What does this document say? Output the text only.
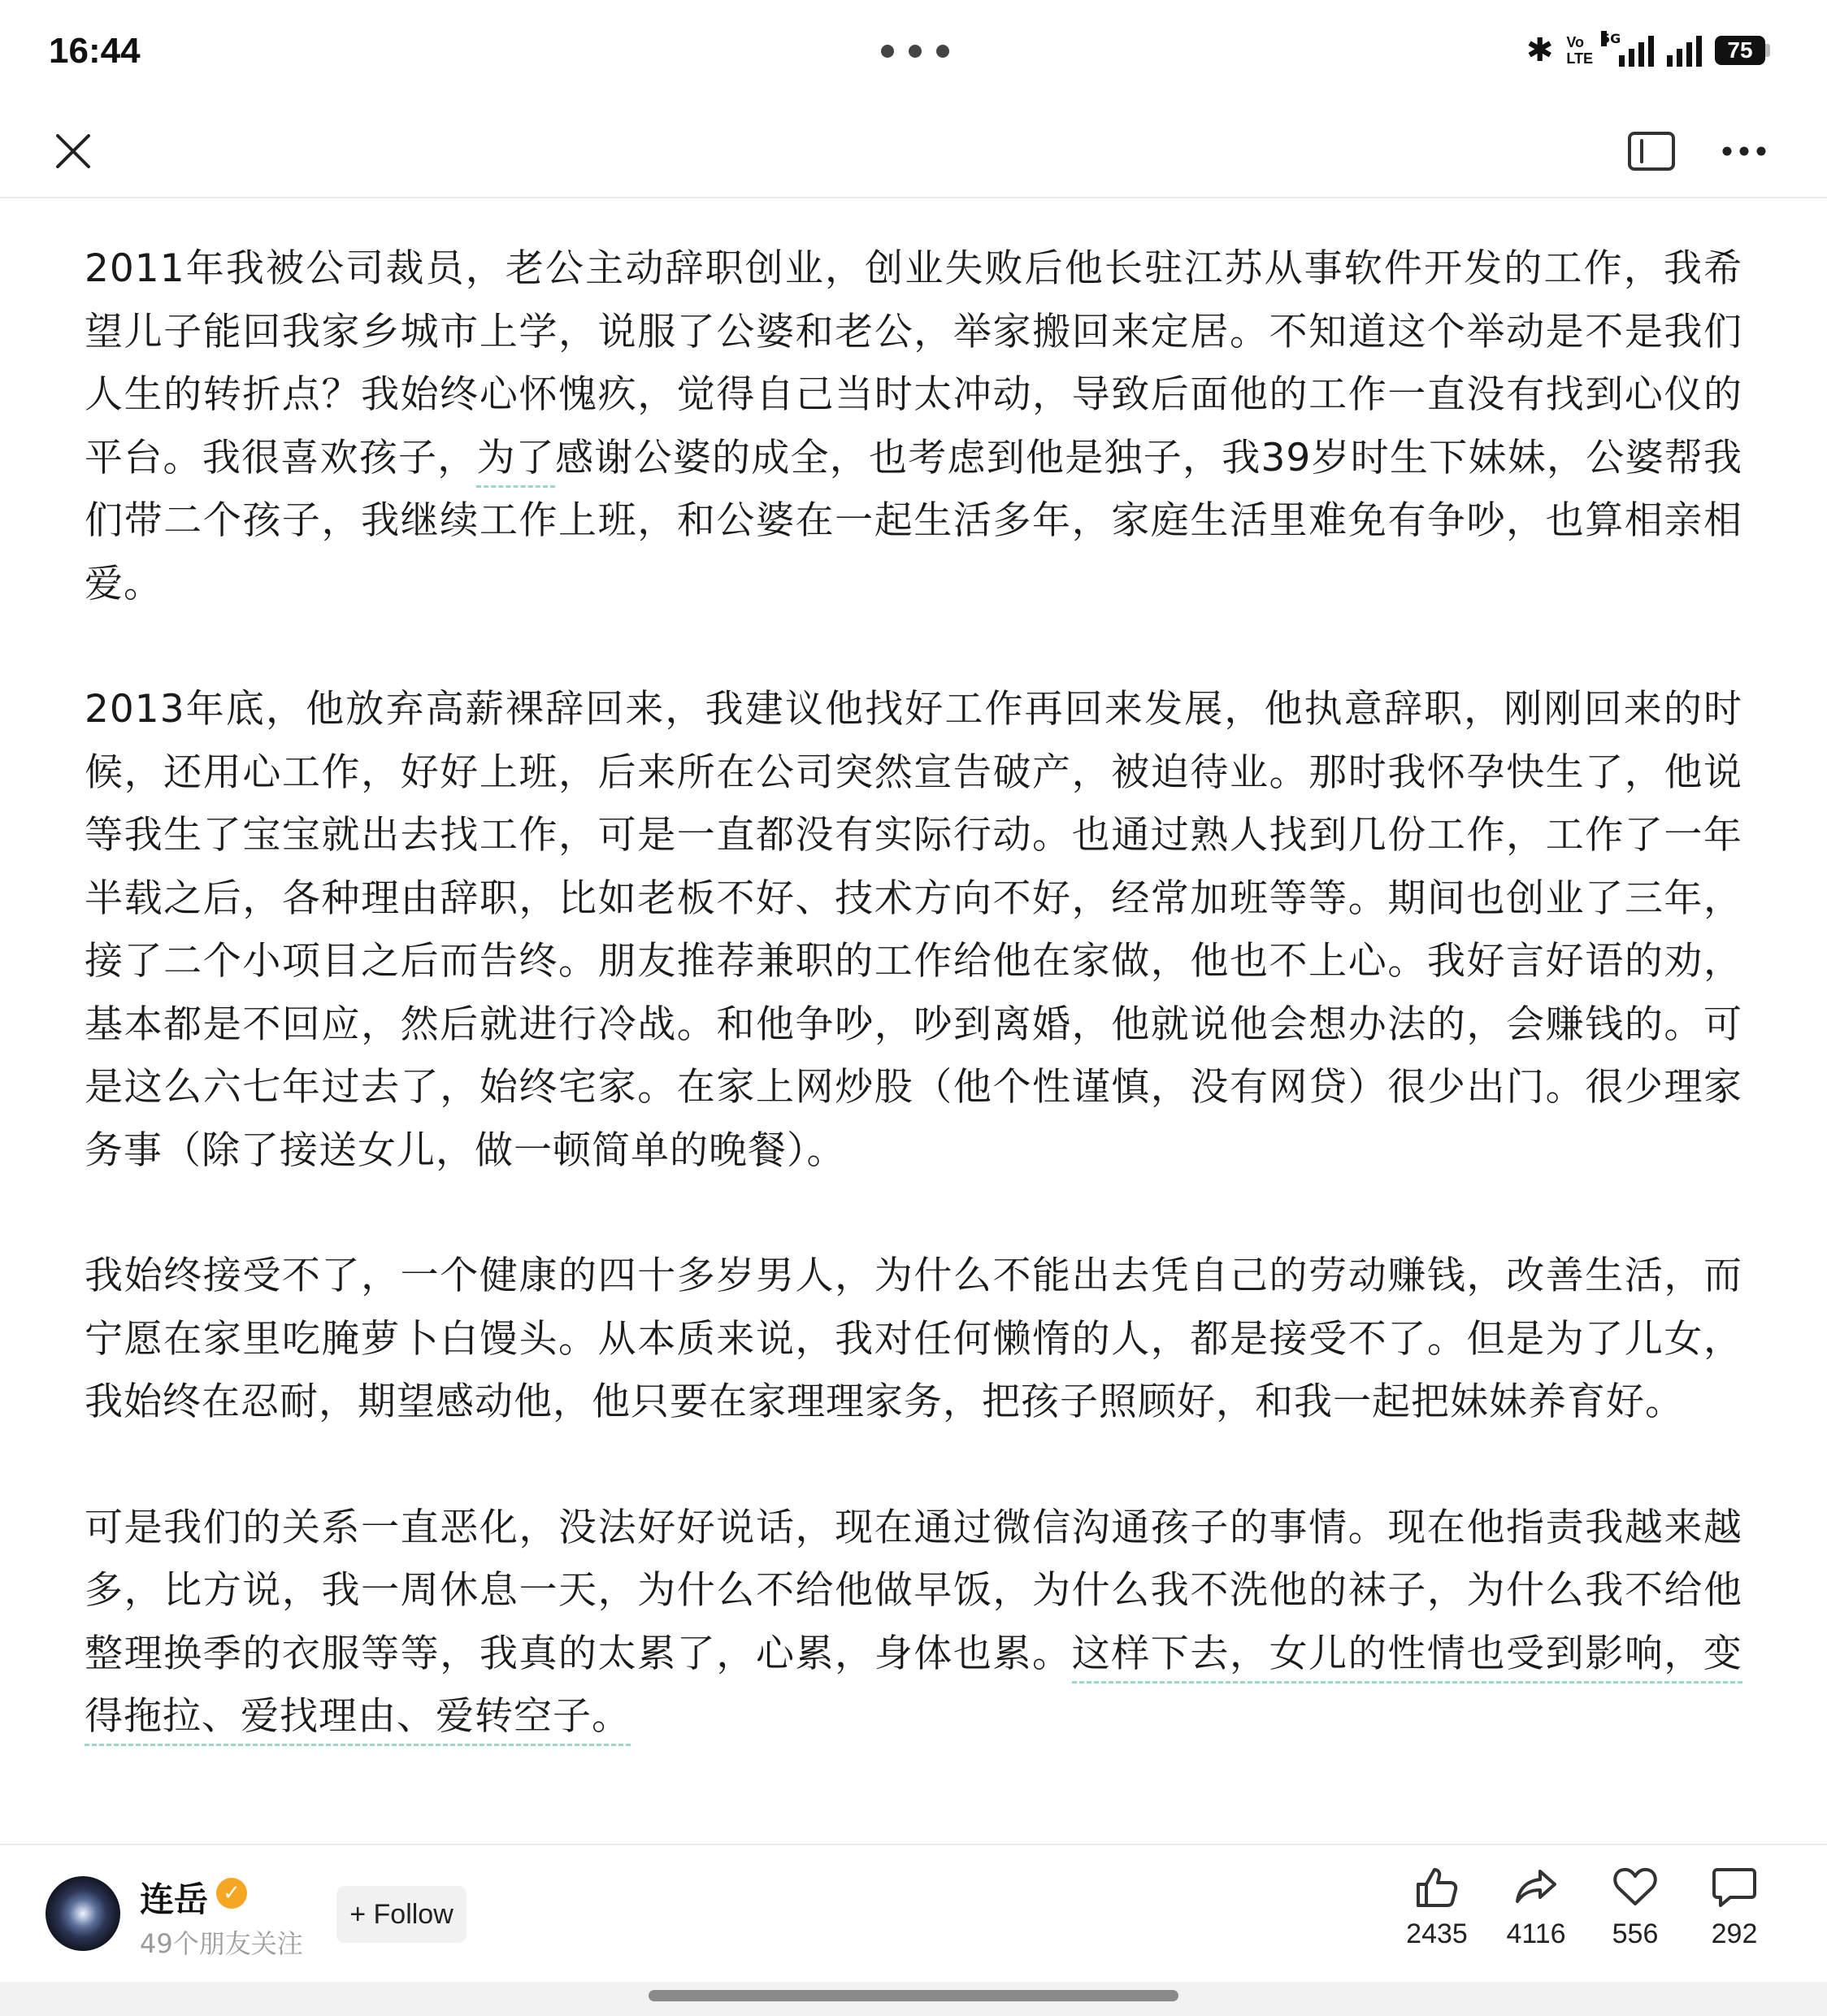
16:44	✱ Vo
LTE
5G	75

2011年我被公司裁员，老公主动辞职创业，创业失败后他长驻江苏从事软件开发的工作，我希望儿子能回我家乡城市上学，说服了公婆和老公，举家搬回来定居。不知道这个举动是不是我们人生的转折点？我始终心怀愧疚，觉得自己当时太冲动，导致后面他的工作一直没有找到心仪的平台。我很喜欢孩子，为了感谢公婆的成全，也考虑到他是独子，我39岁时生下妹妹，公婆帮我们带二个孩子，我继续工作上班，和公婆在一起生活多年，家庭生活里难免有争吵，也算相亲相爱。

2013年底，他放弃高薪裸辞回来，我建议他找好工作再回来发展，他执意辞职，刚刚回来的时候，还用心工作，好好上班，后来所在公司突然宣告破产，被迫待业。那时我怀孕快生了，他说等我生了宝宝就出去找工作，可是一直都没有实际行动。也通过熟人找到几份工作，工作了一年半载之后，各种理由辞职，比如老板不好、技术方向不好，经常加班等等。期间也创业了三年，接了二个小项目之后而告终。朋友推荐兼职的工作给他在家做，他也不上心。我好言好语的劝，基本都是不回应，然后就进行冷战。和他争吵，吵到离婚，他就说他会想办法的，会赚钱的。可是这么六七年过去了，始终宅家。在家上网炒股（他个性谨慎，没有网贷）很少出门。很少理家务事（除了接送女儿，做一顿简单的晚餐）。

我始终接受不了，一个健康的四十多岁男人，为什么不能出去凭自己的劳动赚钱，改善生活，而宁愿在家里吃腌萝卜白馒头。从本质来说，我对任何懒惰的人，都是接受不了。但是为了儿女，我始终在忍耐，期望感动他，他只要在家理理家务，把孩子照顾好，和我一起把妹妹养育好。

可是我们的关系一直恶化，没法好好说话，现在通过微信沟通孩子的事情。现在他指责我越来越多，比方说，我一周休息一天，为什么不给他做早饭，为什么我不洗他的袜子，为什么我不给他整理换季的衣服等等，我真的太累了，心累，身体也累。这样下去，女儿的性情也受到影响，变得拖拉、爱找理由、爱转空子。

连岳 ✓
49个朋友关注
+ Follow
2435 4116 556 292
